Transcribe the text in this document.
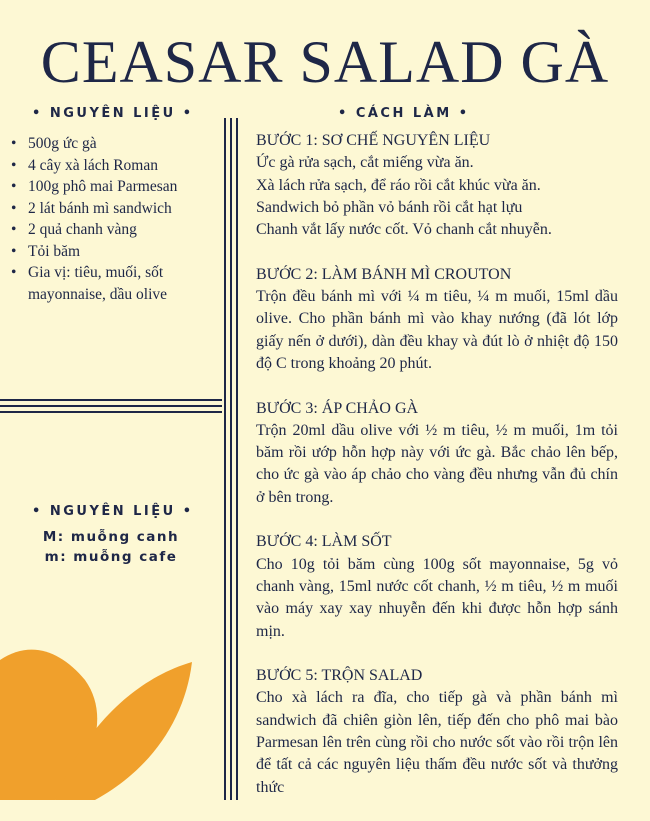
CEASAR SALAD GÀ
• NGUYÊN LIỆU •	• CÁCH LÀM •
• 500g ức gà
• 4 cây xà lách Roman
• 100g phô mai Parmesan
• 2 lát bánh mì sandwich
• 2 quả chanh vàng
• Tỏi băm
• Gia vị: tiêu, muối, sốt mayonnaise, dầu olive
• NGUYÊN LIỆU •
M: muỗng canh
m: muỗng cafe
BƯỚC 1: SƠ CHẾ NGUYÊN LIỆU
Ức gà rửa sạch, cắt miếng vừa ăn.
Xà lách rửa sạch, để ráo rồi cắt khúc vừa ăn.
Sandwich bỏ phần vỏ bánh rồi cắt hạt lựu
Chanh vắt lấy nước cốt. Vỏ chanh cắt nhuyễn.
BƯỚC 2: LÀM BÁNH MÌ CROUTON
Trộn đều bánh mì với ¼ m tiêu, ¼ m muối, 15ml dầu olive. Cho phần bánh mì vào khay nướng (đã lót lớp giấy nến ở dưới), dàn đều khay và đút lò ở nhiệt độ 150 độ C trong khoảng 20 phút.
BƯỚC 3: ÁP CHẢO GÀ
Trộn 20ml dầu olive với ½ m tiêu, ½ m muối, 1m tỏi băm rồi ướp hỗn hợp này với ức gà. Bắc chảo lên bếp, cho ức gà vào áp chảo cho vàng đều nhưng vẫn đủ chín ở bên trong.
BƯỚC 4: LÀM SỐT
Cho 10g tỏi băm cùng 100g sốt mayonnaise, 5g vỏ chanh vàng, 15ml nước cốt chanh, ½ m tiêu, ½ m muối vào máy xay xay nhuyễn đến khi được hỗn hợp sánh mịn.
BƯỚC 5: TRỘN SALAD
Cho xà lách ra đĩa, cho tiếp gà và phần bánh mì sandwich đã chiên giòn lên, tiếp đến cho phô mai bào Parmesan lên trên cùng rồi cho nước sốt vào rồi trộn lên để tất cả các nguyên liệu thấm đều nước sốt và thưởng thức
